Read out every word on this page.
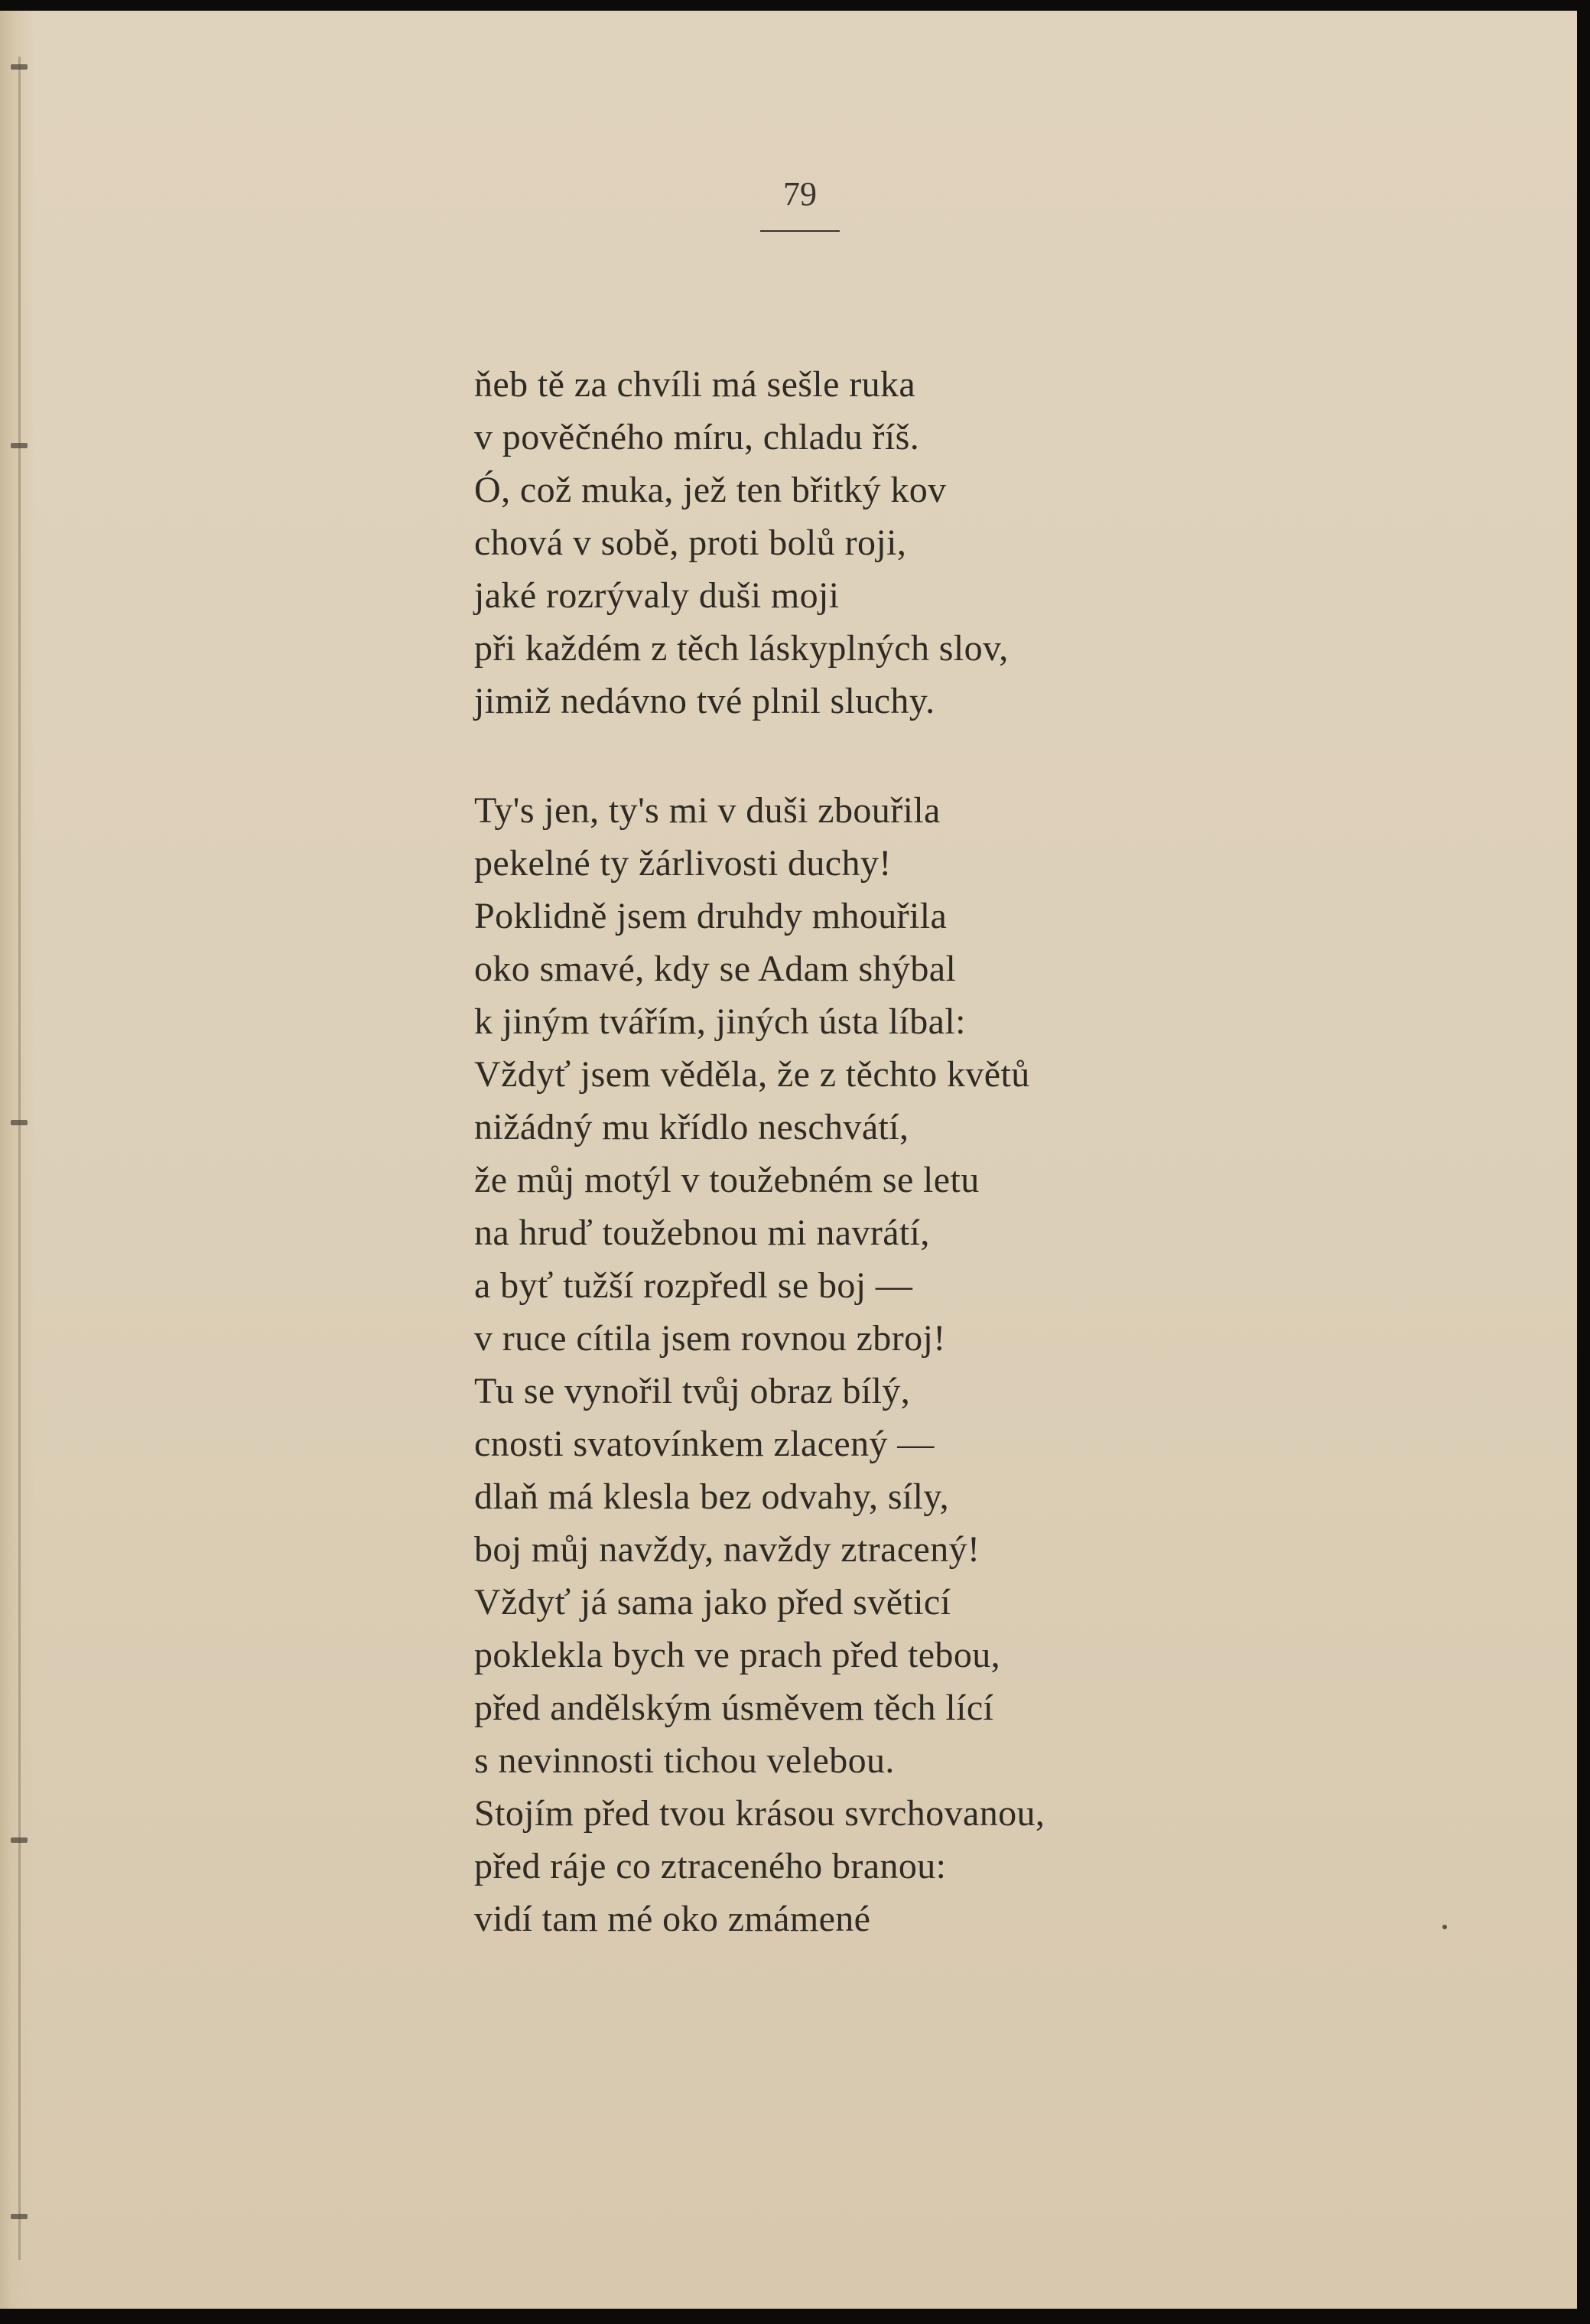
79

ňeb tě za chvíli má sešle ruka
v pověčného míru, chladu říš.
Ó, což muka, jež ten břitký kov
chová v sobě, proti bolů roji,
jaké rozrývaly duši moji
při každém z těch láskyplných slov,
jimiž nedávno tvé plnil sluchy.

Ty's jen, ty's mi v duši zbouřila
pekelné ty žárlivosti duchy!
Poklidně jsem druhdy mhouřila
oko smavé, kdy se Adam shýbal
k jiným tvářím, jiných ústa líbal:
Vždyť jsem věděla, že z těchto květů
nižádný mu křídlo neschvátí,
že můj motýl v toužebném se letu
na hruď toužebnou mi navrátí,
a byť tužší rozpředl se boj —
v ruce cítila jsem rovnou zbroj!
Tu se vynořil tvůj obraz bílý,
cnosti svatovínkem zlacený —
dlaň má klesla bez odvahy, síly,
boj můj navždy, navždy ztracený!
Vždyť já sama jako před světicí
poklekla bych ve prach před tebou,
před andělským úsměvem těch lící
s nevinnosti tichou velebou.
Stojím před tvou krásou svrchovanou,
před ráje co ztraceného branou:
vidí tam mé oko zmámené
